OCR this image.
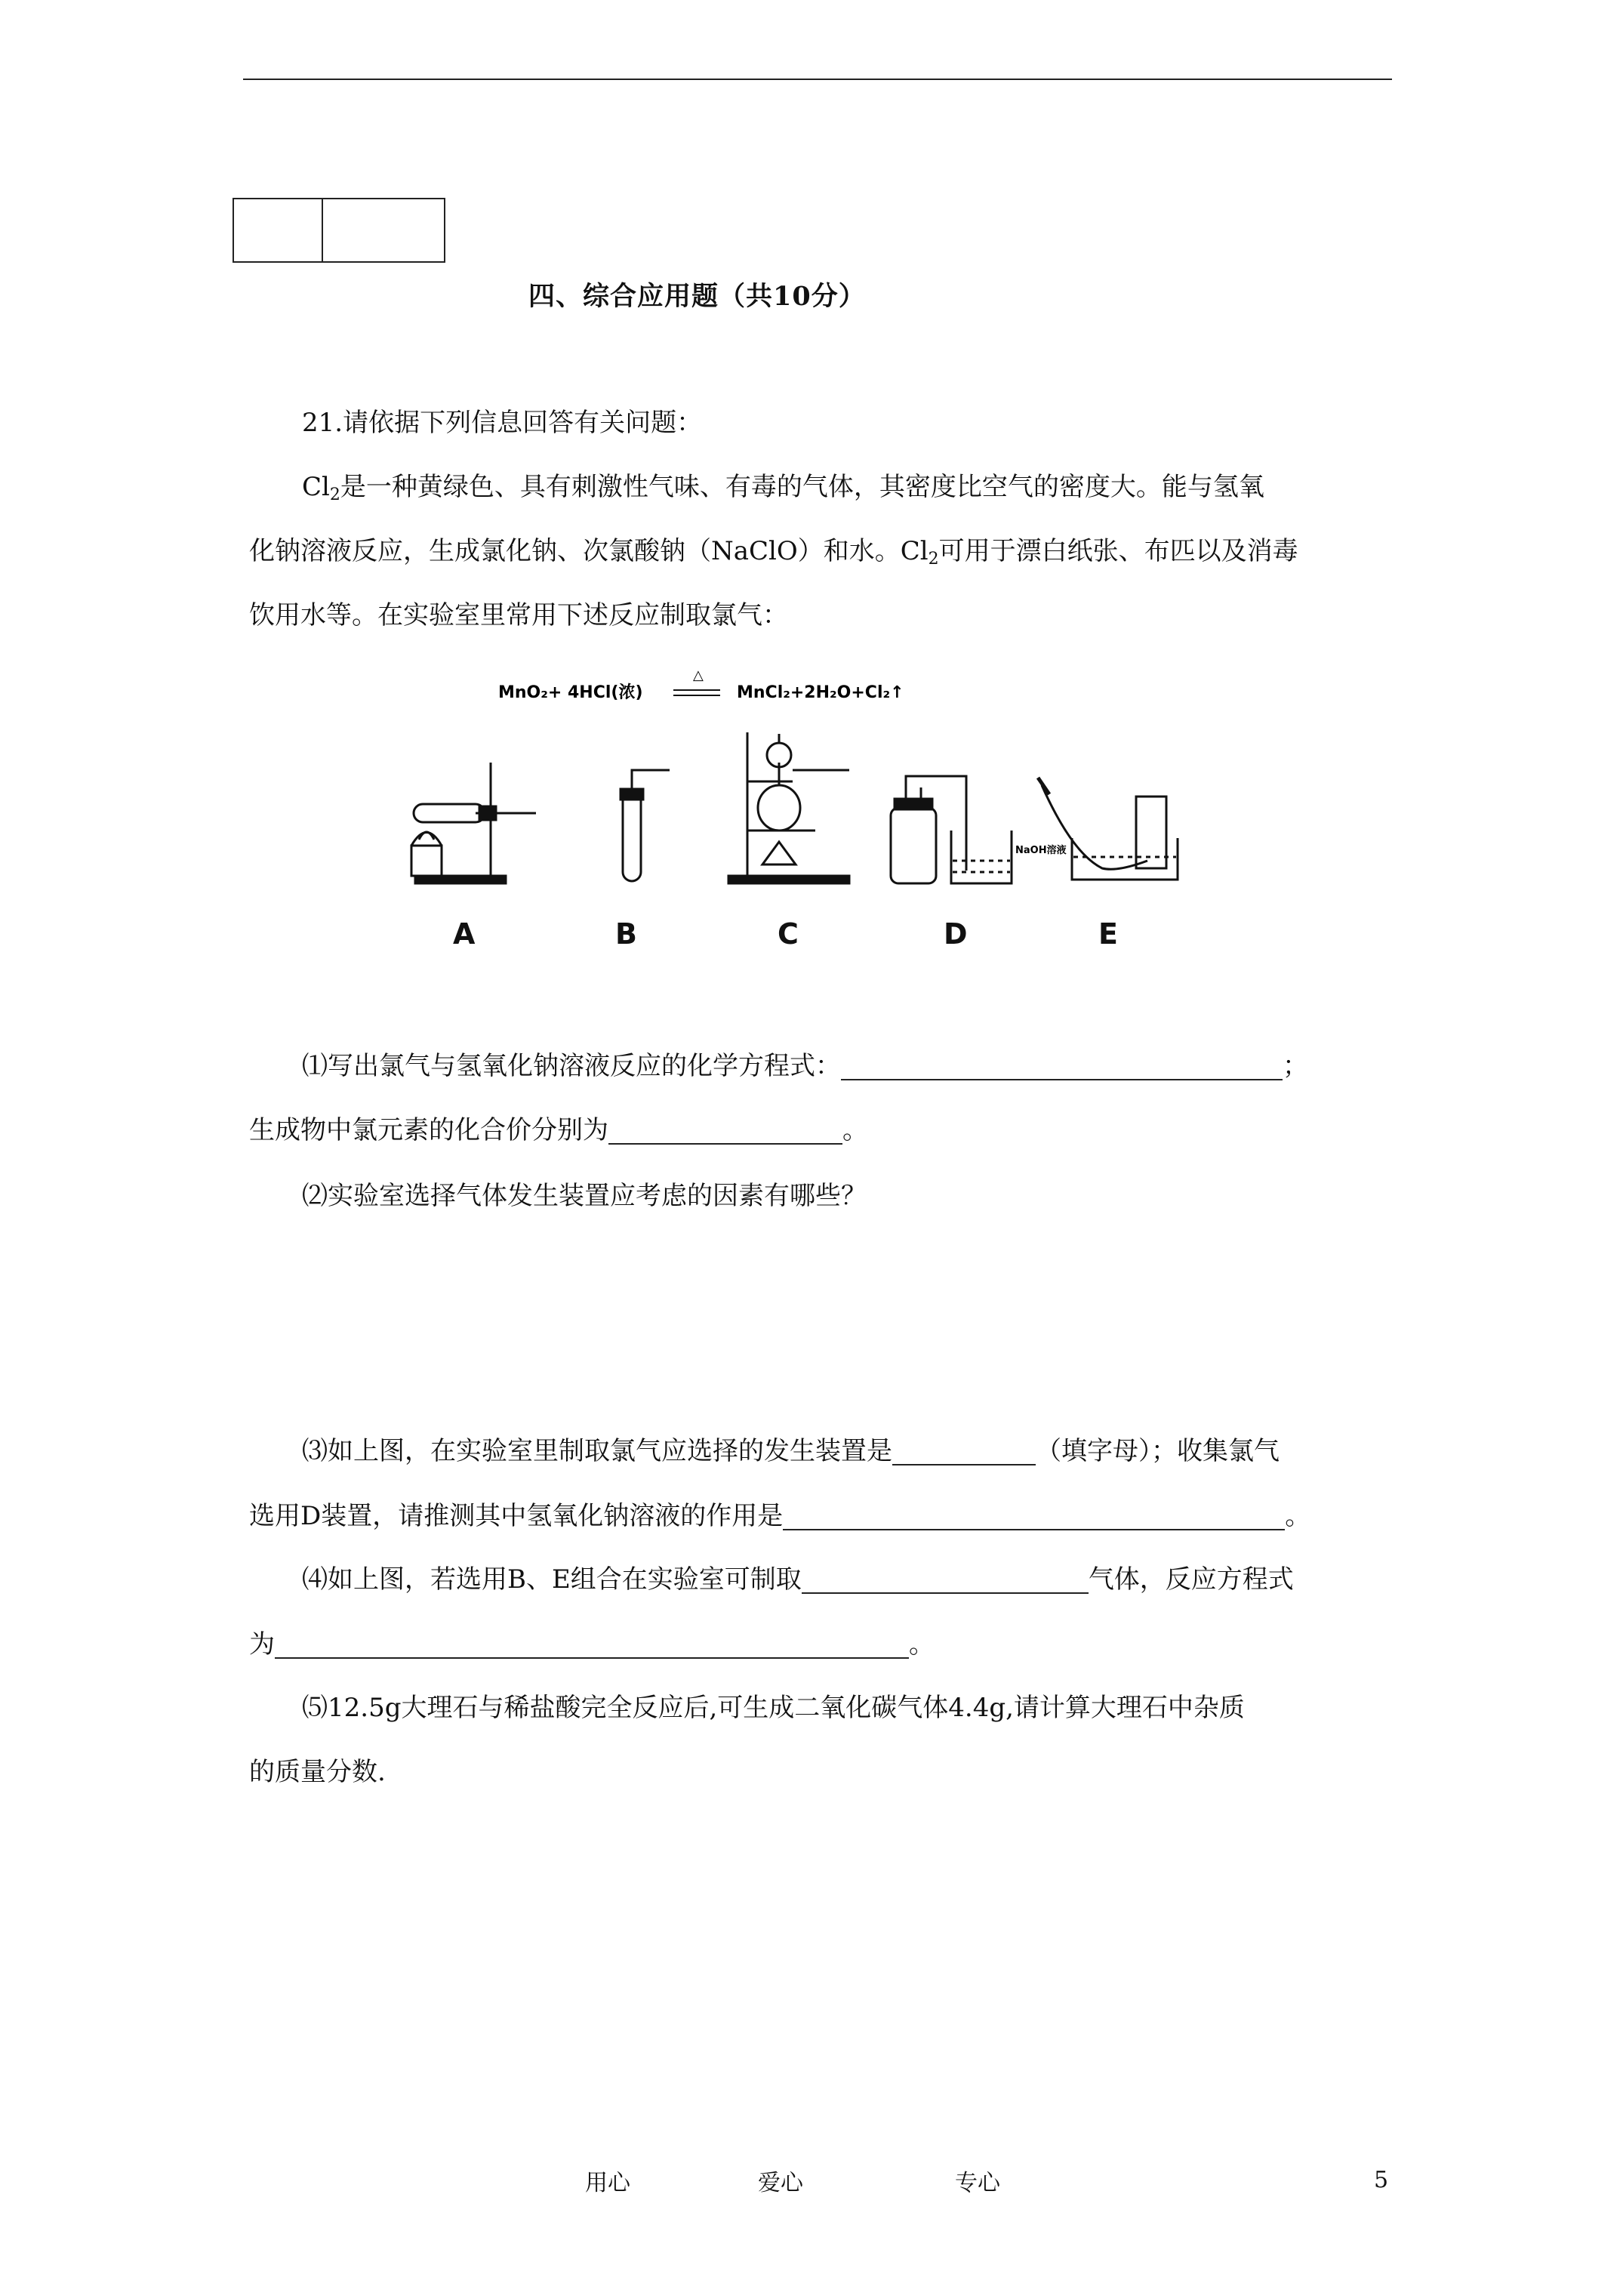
四、综合应用题（共10分）
21.请依据下列信息回答有关问题：
$Cl_2$是一种黄绿色、具有刺激性气味、有毒的气体，其密度比空气的密度大。能与氢氧
化钠溶液反应，生成氯化钠、次氯酸钠（NaClO）和水。$Cl_2$可用于漂白纸张、布匹以及消毒
饮用水等。在实验室里常用下述反应制取氯气：
MnO₂+ 4HCl(浓)
△
MnCl₂+2H₂O+Cl₂↑
NaOH溶液
A	B	C	D	E
⑴写出氯气与氢氧化钠溶液反应的化学方程式：	；
生成物中氯元素的化合价分别为	。
⑵实验室选择气体发生装置应考虑的因素有哪些？
⑶如上图，在实验室里制取氯气应选择的发生装置是	（填字母）；收集氯气
选用D装置，请推测其中氢氧化钠溶液的作用是	。
⑷如上图，若选用B、E组合在实验室可制取	气体，反应方程式
为	。
⑸12.5g大理石与稀盐酸完全反应后,可生成二氧化碳气体4.4g,请计算大理石中杂质
的质量分数.
用心	爱心	专心	5
